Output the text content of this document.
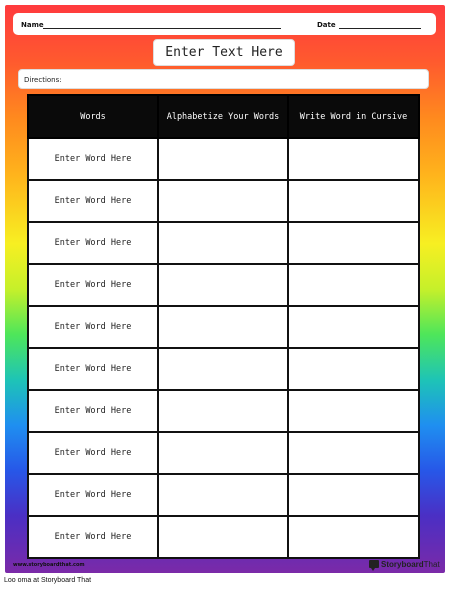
Name	Date
Enter Text Here
Directions:
Words	Alphabetize Your Words	Write Word in Cursive
Enter Word Here		
Enter Word Here		
Enter Word Here		
Enter Word Here		
Enter Word Here		
Enter Word Here		
Enter Word Here		
Enter Word Here		
Enter Word Here		
Enter Word Here		
www.storyboardthat.com	StoryboardThat
Loo oma at Storyboard That
